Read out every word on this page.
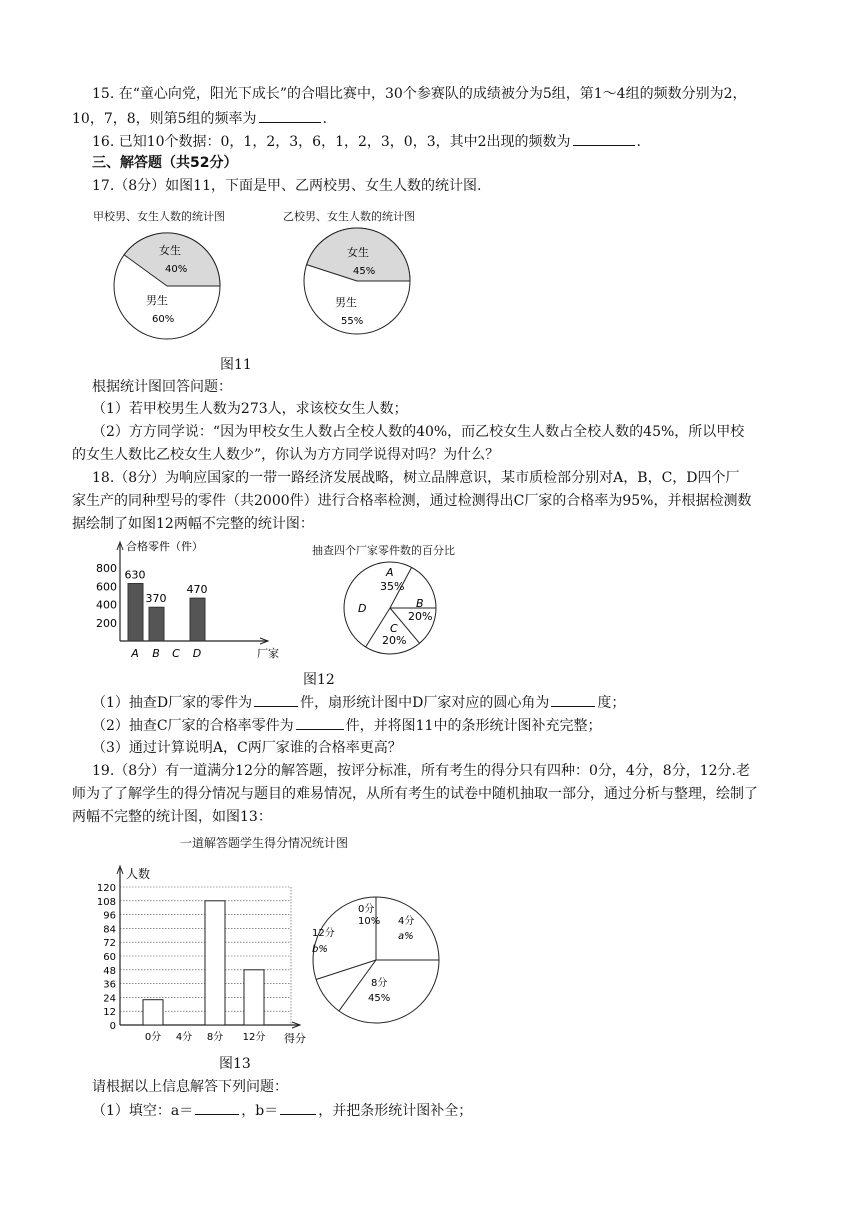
15. 在“童心向党，阳光下成长”的合唱比赛中，30个参赛队的成绩被分为5组，第1～4组的频数分别为2，
10，7，8，则第5组的频率为	.
16. 已知10个数据：0，1，2，3，6，1，2，3，0，3，其中2出现的频数为	.
三、解答题（共52分）
17.（8分）如图11，下面是甲、乙两校男、女生人数的统计图.
甲校男、女生人数的统计图	乙校男、女生人数的统计图
女生
40%
男生
60%
女生
45%
男生
55%
图11
根据统计图回答问题：
（1）若甲校男生人数为273人，求该校女生人数；
（2）方方同学说：“因为甲校女生人数占全校人数的40%，而乙校女生人数占全校人数的45%，所以甲校
的女生人数比乙校女生人数少”，你认为方方同学说得对吗？为什么？
18.（8分）为响应国家的一带一路经济发展战略，树立品牌意识，某市质检部分别对A，B，C，D四个厂
家生产的同种型号的零件（共2000件）进行合格率检测，通过检测得出C厂家的合格率为95%，并根据检测数
据绘制了如图12两幅不完整的统计图：
合格零件（件）
厂家
800
600
400
200
A
630
B
370
C D
470
抽查四个厂家零件数的百分比
A
35%
B
20%
C
20%
D
图12
（1）抽查D厂家的零件为	件，扇形统计图中D厂家对应的圆心角为	度；
（2）抽查C厂家的合格率零件为	件，并将图11中的条形统计图补充完整；
（3）通过计算说明A，C两厂家谁的合格率更高？
19.（8分）有一道满分12分的解答题，按评分标准，所有考生的得分只有四种：0分，4分，8分，12分.老
师为了了解学生的得分情况与题目的难易情况，从所有考生的试卷中随机抽取一部分，通过分析与整理，绘制了
两幅不完整的统计图，如图13：
一道解答题学生得分情况统计图
人数
120
108
96
84
72
60
48
36
24
12
0
得分
0分 4分 8分 12分
0分
10% 4分
a%
8分
45%
12分
b%
图13
请根据以上信息解答下列问题：
（1）填空：a＝	，b＝	，并把条形统计图补全；
